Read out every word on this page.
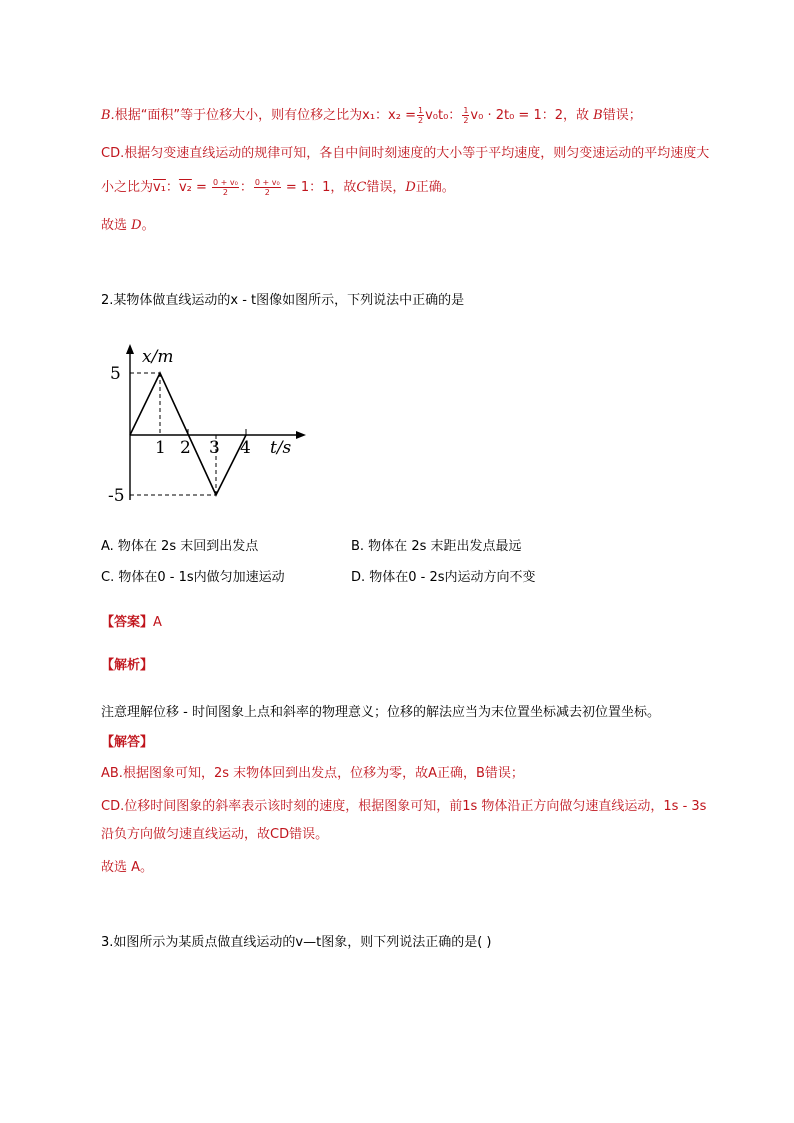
B.根据“面积”等于位移大小，则有位移之比为x₁：$x_2 = \frac{1}{2} v_0t_0$： $\frac{1}{2} v_0 \cdot 2t_0 = 1$：2，故 B错误；
CD.根据匀变速直线运动的规律可知，各自中间时刻速度的大小等于平均速度，则匀变速运动的平均速度大
小之比为v₁：$v_2 = \frac{\text{0 + v₀}}{2}$ ： $\frac{\text{0 + v₀}}{2} = 1$：1，故C错误，D正确。
故选 D。
2.某物体做直线运动的x - t图像如图所示，下列说法中正确的是
x/m
5
-5
1 2 3 4 t/s
A. 物体在 2s 末回到出发点	B. 物体在 2s 末距出发点最远
C. 物体在0 - 1s内做匀加速运动	D. 物体在0 - 2s内运动方向不变
【答案】A
【解析】
注意理解位移 - 时间图象上点和斜率的物理意义；位移的解法应当为末位置坐标减去初位置坐标。
【解答】
AB.根据图象可知，2s 末物体回到出发点，位移为零，故A正确，B错误；
CD.位移时间图象的斜率表示该时刻的速度，根据图象可知，前1s 物体沿正方向做匀速直线运动，1s - 3s
沿负方向做匀速直线运动，故CD错误。
故选 A。
3.如图所示为某质点做直线运动的v—t图象，则下列说法正确的是( )
